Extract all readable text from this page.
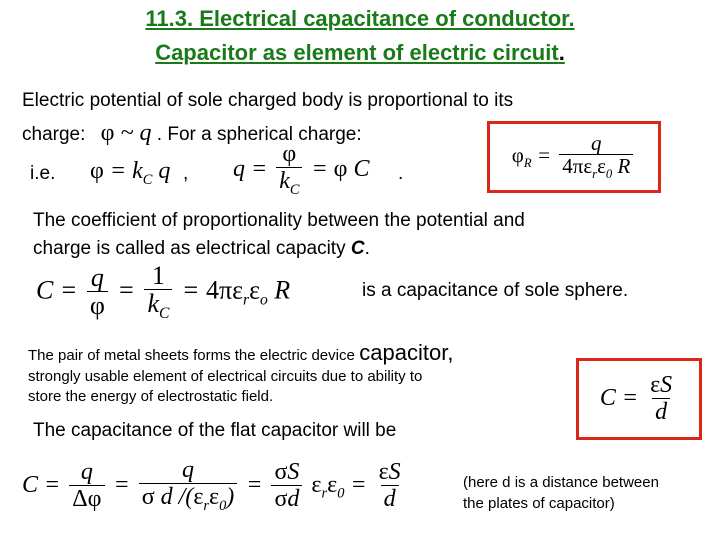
11.3. Electrical capacitance of conductor.
Capacitor as element of electric circuit.
Electric potential of sole charged body is proportional to its
charge: φ ~ q . For a spherical charge:
i.e. $\varphi = k_C$ q , $q = \frac{\varphi}{k_C} = \varphi$ C .
$\varphi_R = \frac{q}{4\pi\varepsilon_r\varepsilon_0 R}$
The coefficient of proportionality between the potential and
charge is called as electrical capacity C.
$C = \frac{q}{\varphi} = \frac{1}{k_C} = 4\pi\varepsilon_r\varepsilon_o$ R	is a capacitance of sole sphere.
The pair of metal sheets forms the electric device capacitor,
strongly usable element of electrical circuits due to ability to
store the energy of electrostatic field.	$C = \frac{\varepsilon S}{d}$
The capacitance of the flat capacitor will be
$C = \frac{q}{\Delta\varphi} = \frac{q}{\sigma d /(\varepsilon_r\varepsilon_0)} = \frac{\sigma S}{\sigma d} \varepsilon_r\varepsilon_0 = \frac{\varepsilon S}{d}$	(here d is a distance between
the plates of capacitor)
